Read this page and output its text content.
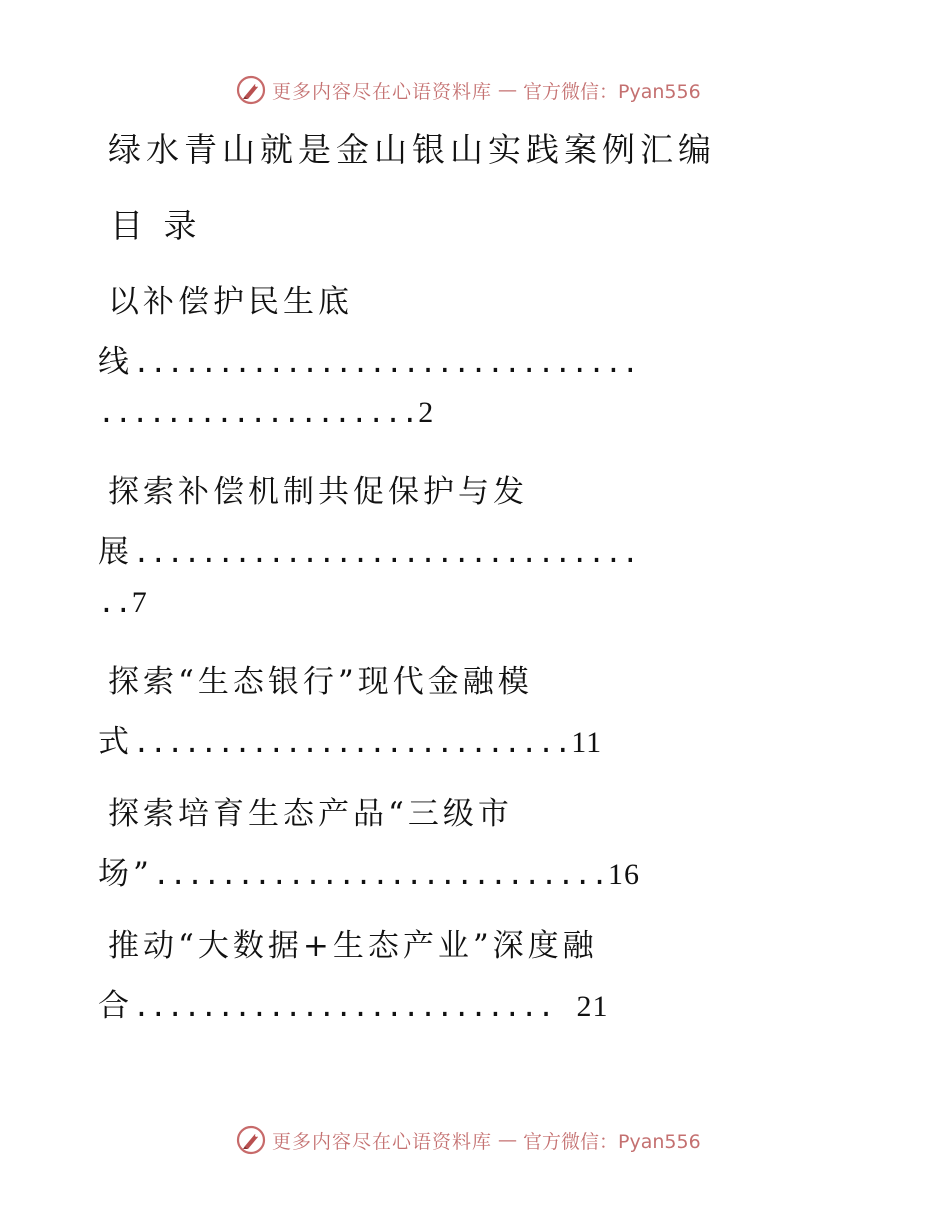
更多内容尽在心语资料库 — 官方微信：Pyan556
绿水青山就是金山银山实践案例汇编
目 录
以补偿护民生底
线..............................
...................2
探索补偿机制共促保护与发
展..............................
..7
探索“生态银行”现代金融模
式..........................11
探索培育生态产品“三级市
场”...........................16
推动“大数据+生态产业”深度融
合......................... 21
更多内容尽在心语资料库 — 官方微信：Pyan556
